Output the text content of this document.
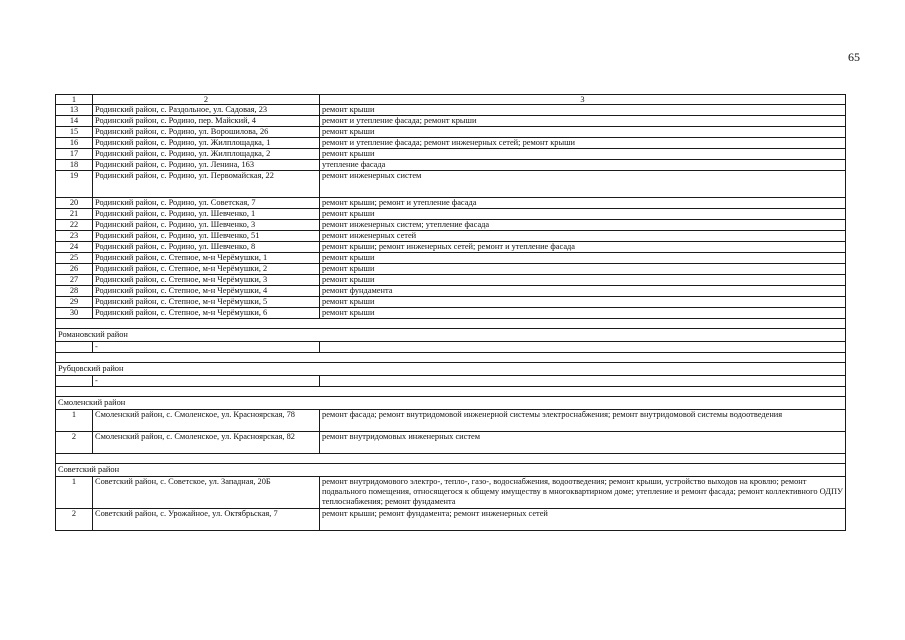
65
1	2	3
13	Родинский район, с. Раздольное, ул. Садовая, 23	ремонт крыши
14	Родинский район, с. Родино, пер. Майский, 4	ремонт и утепление фасада; ремонт крыши
15	Родинский район, с. Родино, ул. Ворошилова, 26	ремонт крыши
16	Родинский район, с. Родино, ул. Жилплощадка, 1	ремонт и утепление фасада; ремонт инженерных сетей; ремонт крыши
17	Родинский район, с. Родино, ул. Жилплощадка, 2	ремонт крыши
18	Родинский район, с. Родино, ул. Ленина, 163	утепление фасада
19	Родинский район, с. Родино, ул. Первомайская, 22	ремонт инженерных систем
20	Родинский район, с. Родино, ул. Советская, 7	ремонт крыши; ремонт и утепление фасада
21	Родинский район, с. Родино, ул. Шевченко, 1	ремонт крыши
22	Родинский район, с. Родино, ул. Шевченко, 3	ремонт инженерных систем; утепление фасада
23	Родинский район, с. Родино, ул. Шевченко, 51	ремонт инженерных сетей
24	Родинский район, с. Родино, ул. Шевченко, 8	ремонт крыши; ремонт инженерных сетей; ремонт и утепление фасада
25	Родинский район, с. Степное, м-н Черёмушки, 1	ремонт крыши
26	Родинский район, с. Степное, м-н Черёмушки, 2	ремонт крыши
27	Родинский район, с. Степное, м-н Черёмушки, 3	ремонт крыши
28	Родинский район, с. Степное, м-н Черёмушки, 4	ремонт фундамента
29	Родинский район, с. Степное, м-н Черёмушки, 5	ремонт крыши
30	Родинский район, с. Степное, м-н Черёмушки, 6	ремонт крыши

Романовский район		
	-	

Рубцовский район		
	-	

Смоленский район		
1	Смоленский район, с. Смоленское, ул. Красноярская, 78	ремонт фасада; ремонт внутридомовой инженерной системы электроснабжения; ремонт внутридомовой системы водоотведения
2	Смоленский район, с. Смоленское, ул. Красноярская, 82	ремонт внутридомовых инженерных систем

Советский район		
1	Советский район, с. Советское, ул. Западная, 20Б	ремонт внутридомового электро-, тепло-, газо-, водоснабжения, водоотведения; ремонт крыши, устройство выходов на кровлю; ремонт подвального помещения, относящегося к общему имуществу в многоквартирном доме; утепление и ремонт фасада; ремонт коллективного ОДПУ теплоснабжения; ремонт фундамента
2	Советский район, с. Урожайное, ул. Октябрьская, 7	ремонт крыши; ремонт фундамента; ремонт инженерных сетей
